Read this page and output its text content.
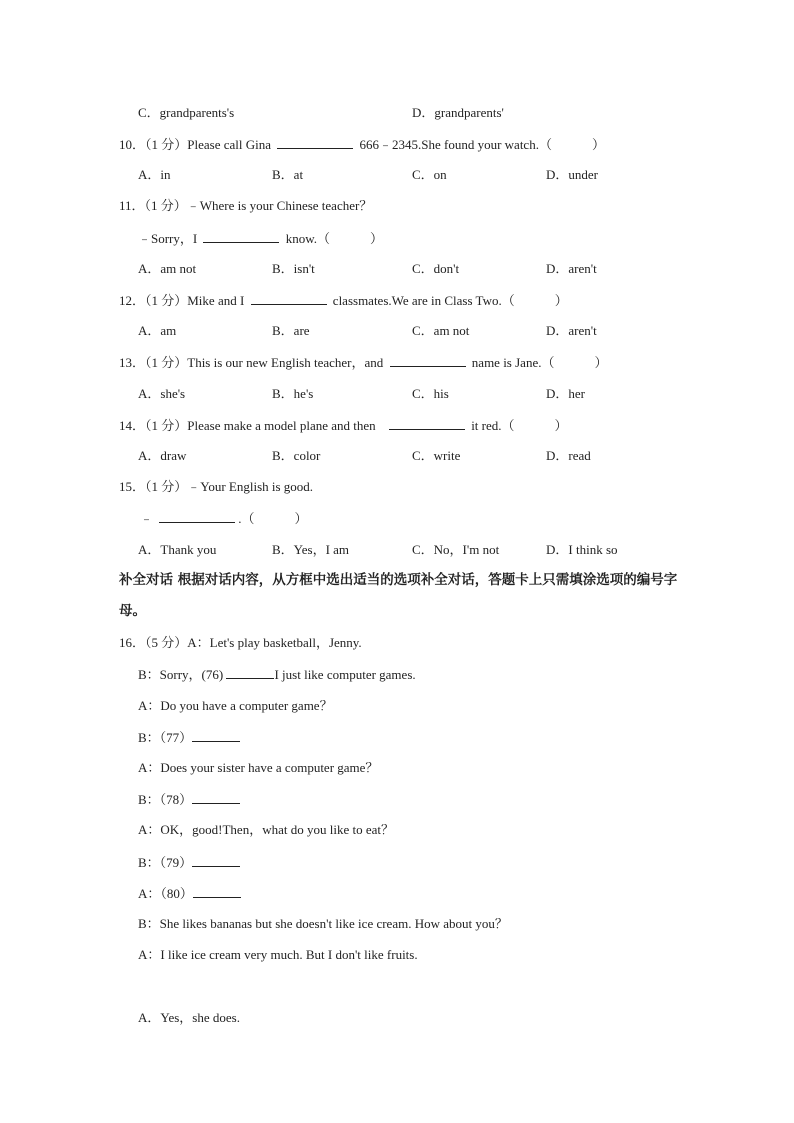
C．grandparents's	D．grandparents'
10．（1 分）Please call Gina	666﹣2345.She found your watch.（	）
A．in	B．at	C．on	D．under
11．（1 分）﹣Where is your Chinese teacher？
﹣Sorry，I	know.（	）
A．am not	B．isn't	C．don't	D．aren't
12．（1 分）Mike and I	classmates.We are in Class Two.（	）
A．am	B．are	C．am not	D．aren't
13．（1 分）This is our new English teacher，and	name is Jane.（	）
A．she's	B．he's	C．his	D．her
14．（1 分）Please make a model plane and then	it red.（	）
A．draw	B．color	C．write	D．read
15．（1 分）﹣Your English is good.
﹣	.（	）
A．Thank you	B．Yes，I am	C．No，I'm not	D．I think so
补全对话 根据对话内容，从方框中选出适当的选项补全对话，答题卡上只需填涂选项的编号字母。
16．（5 分）A：Let's play basketball，Jenny.
B：Sorry，(76)	I just like computer games.
A：Do you have a computer game？
B：（77）
A：Does your sister have a computer game？
B：（78）
A：OK，good!Then，what do you like to eat？
B：（79）
A：（80）
B：She likes bananas but she doesn't like ice cream. How about you？
A：I like ice cream very much. But I don't like fruits.
A．Yes，she does.
